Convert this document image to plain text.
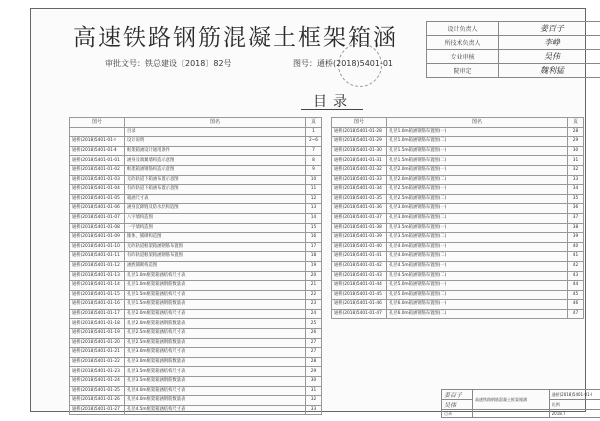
高速铁路钢筋混凝土框架箱涵
审批文号：铁总建设〔2018〕82号	图号：通桥(2018)5401-01
设计负责人	姜百子
所技术负责人	李峥
专业审核	吴伟
院审定	魏利猛
目录
图号	图名	页
	目录	1
通桥(2018)5401-01-Ⅰ	设计说明	2~6
通桥(2018)5401-01-Ⅱ	框架箱涵设计通用条件	7
通桥(2018)5401-01-01	涵身及端翼墙构造示意图	8
通桥(2018)5401-01-02	框架箱涵钢筋构造示意图	9
通桥(2018)5401-01-03	无砟轨道下箱涵布置示意图	10
通桥(2018)5401-01-04	有砟轨道下箱涵布置示意图	11
通桥(2018)5401-01-05	箱涵尺寸表	12
通桥(2018)5401-01-06	涵身沉降缝及防水层构造图	13
通桥(2018)5401-01-07	八字墙构造图	14
通桥(2018)5401-01-08	一字墙构造图	15
通桥(2018)5401-01-09	锥体、铺砌构造图	16
通桥(2018)5401-01-10	无砟轨道框架箱涵钢筋布置图	17
通桥(2018)5401-01-11	有砟轨道框架箱涵钢筋布置图	18
通桥(2018)5401-01-12	涵底铺砌构造图	19
通桥(2018)5401-01-13	孔径1.0m框架箱涵结构尺寸表	20
通桥(2018)5401-01-14	孔径1.0m框架箱涵钢筋数量表	21
通桥(2018)5401-01-15	孔径1.5m框架箱涵结构尺寸表	22
通桥(2018)5401-01-16	孔径1.5m框架箱涵钢筋数量表	23
通桥(2018)5401-01-17	孔径2.0m框架箱涵结构尺寸表	24
通桥(2018)5401-01-18	孔径2.0m框架箱涵钢筋数量表	25
通桥(2018)5401-01-19	孔径2.5m框架箱涵结构尺寸表	26
通桥(2018)5401-01-20	孔径2.5m框架箱涵钢筋数量表	27
通桥(2018)5401-01-21	孔径3.0m框架箱涵结构尺寸表	27
通桥(2018)5401-01-22	孔径3.0m框架箱涵钢筋数量表	28
通桥(2018)5401-01-23	孔径3.5m框架箱涵结构尺寸表	29
通桥(2018)5401-01-24	孔径3.5m框架箱涵钢筋数量表	30
通桥(2018)5401-01-25	孔径4.0m框架箱涵结构尺寸表	31
通桥(2018)5401-01-26	孔径4.0m框架箱涵钢筋数量表	32
通桥(2018)5401-01-27	孔径4.5m框架箱涵结构尺寸表	33
图号	图名	页
通桥(2018)5401-01-28	孔径1.0m箱涵钢筋布置图(一)	28
通桥(2018)5401-01-29	孔径1.0m箱涵钢筋布置图(二)	29
通桥(2018)5401-01-30	孔径1.5m箱涵钢筋布置图(一)	30
通桥(2018)5401-01-31	孔径1.5m箱涵钢筋布置图(二)	31
通桥(2018)5401-01-32	孔径2.0m箱涵钢筋布置图(一)	32
通桥(2018)5401-01-33	孔径2.0m箱涵钢筋布置图(二)	33
通桥(2018)5401-01-34	孔径2.5m箱涵钢筋布置图(一)	34
通桥(2018)5401-01-35	孔径2.5m箱涵钢筋布置图(二)	35
通桥(2018)5401-01-36	孔径3.0m箱涵钢筋布置图(一)	36
通桥(2018)5401-01-37	孔径3.0m箱涵钢筋布置图(二)	37
通桥(2018)5401-01-38	孔径3.5m箱涵钢筋布置图(一)	38
通桥(2018)5401-01-39	孔径3.5m箱涵钢筋布置图(二)	39
通桥(2018)5401-01-40	孔径4.0m箱涵钢筋布置图(一)	40
通桥(2018)5401-01-41	孔径4.0m箱涵钢筋布置图(二)	41
通桥(2018)5401-01-42	孔径4.5m箱涵钢筋布置图(一)	42
通桥(2018)5401-01-43	孔径4.5m箱涵钢筋布置图(二)	43
通桥(2018)5401-01-44	孔径5.0m箱涵钢筋布置图(一)	44
通桥(2018)5401-01-45	孔径5.0m箱涵钢筋布置图(二)	45
通桥(2018)5401-01-46	孔径6.0m箱涵钢筋布置图(一)	46
通桥(2018)5401-01-47	孔径6.0m箱涵钢筋布置图(二)	47
姜百子	高速铁路钢筋混凝土框架箱涵	通桥(2018)5401-01-Ⅰ
吴伟		比例
目录		2018.7
